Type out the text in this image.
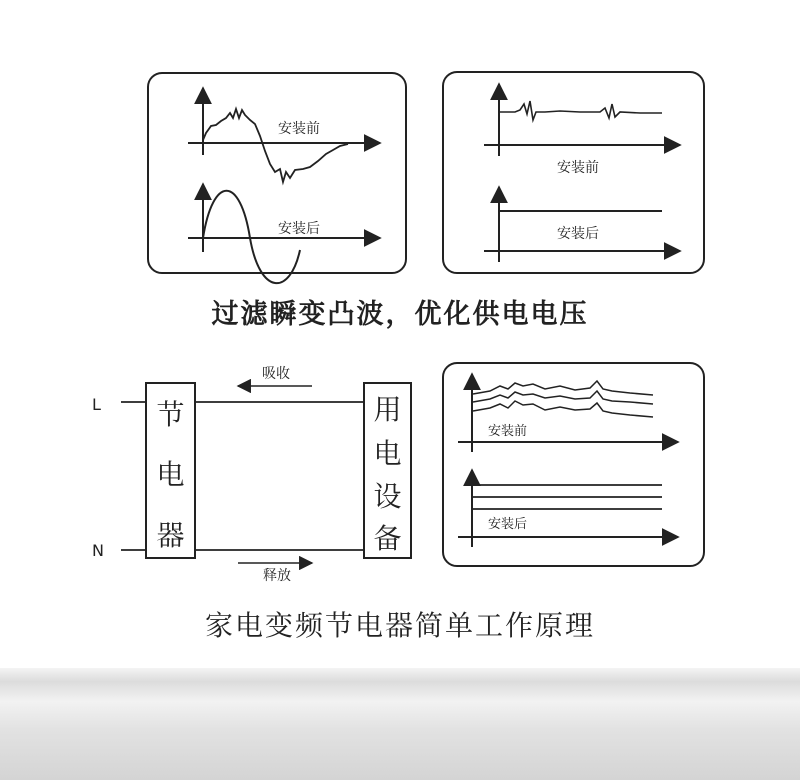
安装前
安装后
安装前
安装后
L
N
节
电
器
用
电
设
备
吸收
释放
安装前
安装后
过滤瞬变凸波，优化供电电压
家电变频节电器简单工作原理
